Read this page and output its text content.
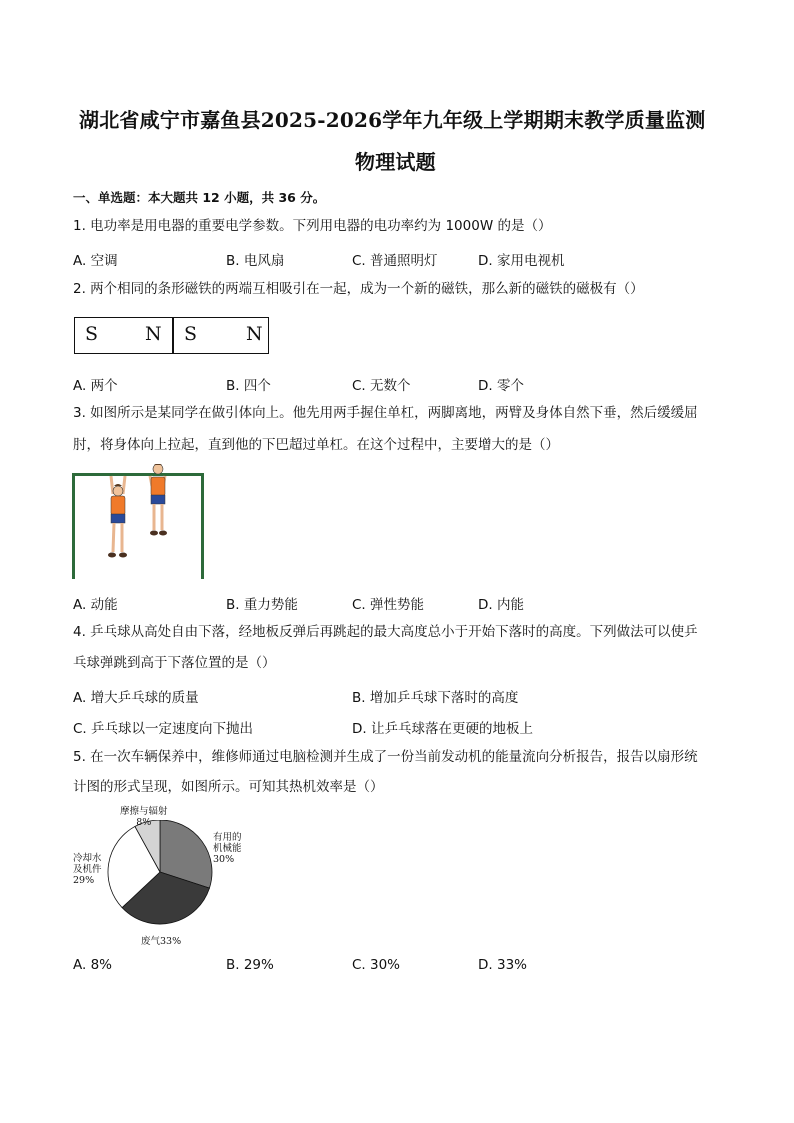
湖北省咸宁市嘉鱼县2025-2026学年九年级上学期期末教学质量监测
物理试题
一、单选题：本大题共 12 小题，共 36 分。
1. 电功率是用电器的重要电学参数。下列用电器的电功率约为 1000W 的是（）
A. 空调	B. 电风扇	C. 普通照明灯	D. 家用电视机
2. 两个相同的条形磁铁的两端互相吸引在一起，成为一个新的磁铁，那么新的磁铁的磁极有（）
S N S	N
A. 两个	B. 四个	C. 无数个	D. 零个
3. 如图所示是某同学在做引体向上。他先用两手握住单杠，两脚离地，两臂及身体自然下垂，然后缓缓屈
肘，将身体向上拉起，直到他的下巴超过单杠。在这个过程中，主要增大的是（）
A. 动能	B. 重力势能	C. 弹性势能	D. 内能
4. 乒乓球从高处自由下落，经地板反弹后再跳起的最大高度总小于开始下落时的高度。下列做法可以使乒
乓球弹跳到高于下落位置的是（）
A. 增大乒乓球的质量	B. 增加乒乓球下落时的高度
C. 乒乓球以一定速度向下抛出	D. 让乒乓球落在更硬的地板上
5. 在一次车辆保养中，维修师通过电脑检测并生成了一份当前发动机的能量流向分析报告，报告以扇形统
计图的形式呈现，如图所示。可知其热机效率是（）
摩擦与辐射
8%
有用的
机械能
30%
冷却水
及机件
29%
废气33%
A. 8%	B. 29%	C. 30%	D. 33%
